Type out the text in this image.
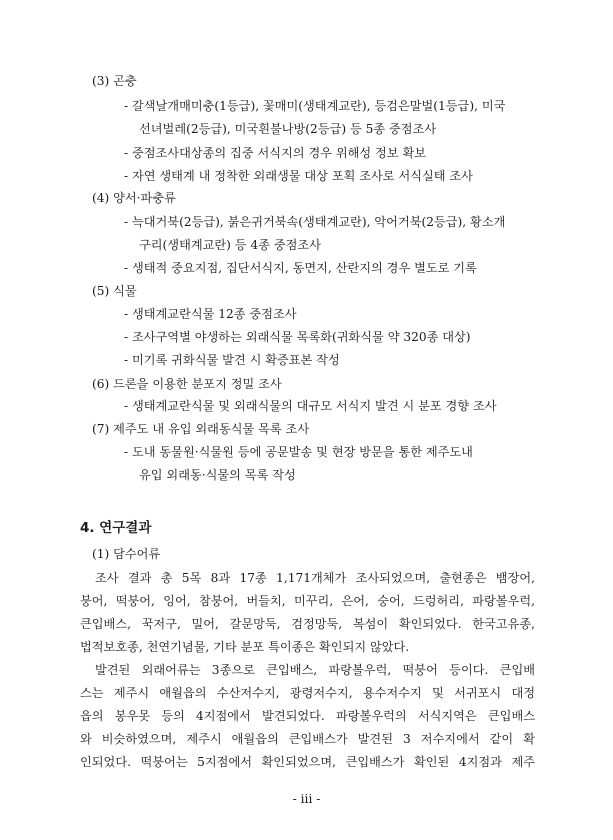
(3) 곤충
- 갈색날개매미충(1등급), 꽃매미(생태계교란), 등검은말벌(1등급), 미국
선녀벌레(2등급), 미국흰불나방(2등급) 등 5종 중점조사
- 중점조사대상종의 집중 서식지의 경우 위해성 정보 확보
- 자연 생태계 내 정착한 외래생물 대상 포획 조사로 서식실태 조사
(4) 양서·파충류
- 늑대거북(2등급), 붉은귀거북속(생태계교란), 악어거북(2등급), 황소개
구리(생태계교란) 등 4종 중점조사
- 생태적 중요지점, 집단서식지, 동면지, 산란지의 경우 별도로 기록
(5) 식물
- 생태계교란식물 12종 중점조사
- 조사구역별 야생하는 외래식물 목록화(귀화식물 약 320종 대상)
- 미기록 귀화식물 발견 시 확증표본 작성
(6) 드론을 이용한 분포지 정밀 조사
- 생태계교란식물 및 외래식물의 대규모 서식지 발견 시 분포 경향 조사
(7) 제주도 내 유입 외래동식물 목록 조사
- 도내 동물원·식물원 등에 공문발송 및 현장 방문을 통한 제주도내
유입 외래동·식물의 목록 작성
4. 연구결과
(1) 담수어류
조사 결과 총 5목 8과 17종 1,171개체가 조사되었으며, 출현종은 뱀장어,
붕어, 떡붕어, 잉어, 참붕어, 버들치, 미꾸리, 은어, 숭어, 드렁허리, 파랑볼우럭,
큰입배스, 꾹저구, 밀어, 갈문망둑, 검정망둑, 복섬이 확인되었다. 한국고유종,
법적보호종, 천연기념물, 기타 분포 특이종은 확인되지 않았다.
발견된 외래어류는 3종으로 큰입배스, 파랑볼우럭, 떡붕어 등이다. 큰입배
스는 제주시 애월읍의 수산저수지, 광령저수지, 용수저수지 및 서귀포시 대정
읍의 봉우못 등의 4지점에서 발견되었다. 파랑볼우럭의 서식지역은 큰입배스
와 비슷하였으며, 제주시 애월읍의 큰입배스가 발견된 3 저수지에서 같이 확
인되었다. 떡붕어는 5지점에서 확인되었으며, 큰입배스가 확인된 4지점과 제주
- iii -
